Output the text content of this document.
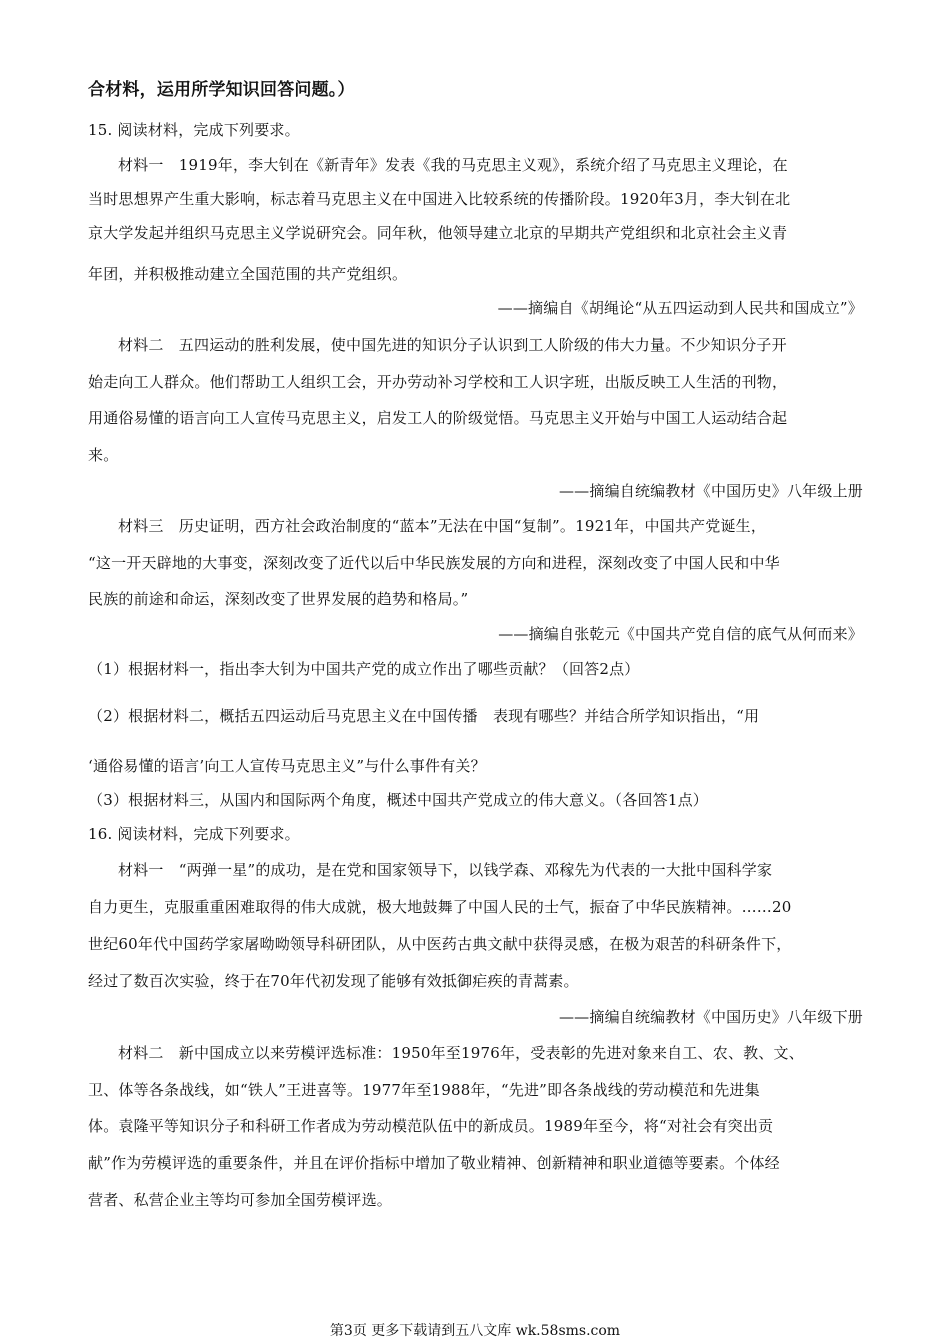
合材料，运用所学知识回答问题。）
15. 阅读材料，完成下列要求。
材料一　1919年，李大钊在《新青年》发表《我的马克思主义观》，系统介绍了马克思主义理论，在
当时思想界产生重大影响，标志着马克思主义在中国进入比较系统的传播阶段。1920年3月，李大钊在北
京大学发起并组织马克思主义学说研究会。同年秋，他领导建立北京的早期共产党组织和北京社会主义青
年团，并积极推动建立全国范围的共产党组织。
——摘编自《胡绳论“从五四运动到人民共和国成立”》
材料二　五四运动的胜利发展，使中国先进的知识分子认识到工人阶级的伟大力量。不少知识分子开
始走向工人群众。他们帮助工人组织工会，开办劳动补习学校和工人识字班，出版反映工人生活的刊物，
用通俗易懂的语言向工人宣传马克思主义，启发工人的阶级觉悟。马克思主义开始与中国工人运动结合起
来。
——摘编自统编教材《中国历史》八年级上册
材料三　历史证明，西方社会政治制度的“蓝本”无法在中国“复制”。1921年，中国共产党诞生，
“这一开天辟地的大事变，深刻改变了近代以后中华民族发展的方向和进程，深刻改变了中国人民和中华
民族的前途和命运，深刻改变了世界发展的趋势和格局。”
——摘编自张乾元《中国共产党自信的底气从何而来》
（1）根据材料一，指出李大钊为中国共产党的成立作出了哪些贡献？（回答2点）
（2）根据材料二，概括五四运动后马克思主义在中国传播　表现有哪些？并结合所学知识指出，“用
‘通俗易懂的语言’向工人宣传马克思主义”与什么事件有关？
（3）根据材料三，从国内和国际两个角度，概述中国共产党成立的伟大意义。（各回答1点）
16. 阅读材料，完成下列要求。
材料一　“两弹一星”的成功，是在党和国家领导下，以钱学森、邓稼先为代表的一大批中国科学家
自力更生，克服重重困难取得的伟大成就，极大地鼓舞了中国人民的士气，振奋了中华民族精神。……20
世纪60年代中国药学家屠呦呦领导科研团队，从中医药古典文献中获得灵感，在极为艰苦的科研条件下，
经过了数百次实验，终于在70年代初发现了能够有效抵御疟疾的青蒿素。
——摘编自统编教材《中国历史》八年级下册
材料二　新中国成立以来劳模评选标准：1950年至1976年，受表彰的先进对象来自工、农、教、文、
卫、体等各条战线，如“铁人”王进喜等。1977年至1988年，“先进”即各条战线的劳动模范和先进集
体。袁隆平等知识分子和科研工作者成为劳动模范队伍中的新成员。1989年至今，将“对社会有突出贡
献”作为劳模评选的重要条件，并且在评价指标中增加了敬业精神、创新精神和职业道德等要素。个体经
营者、私营企业主等均可参加全国劳模评选。
第3页 更多下载请到五八文库 wk.58sms.com
